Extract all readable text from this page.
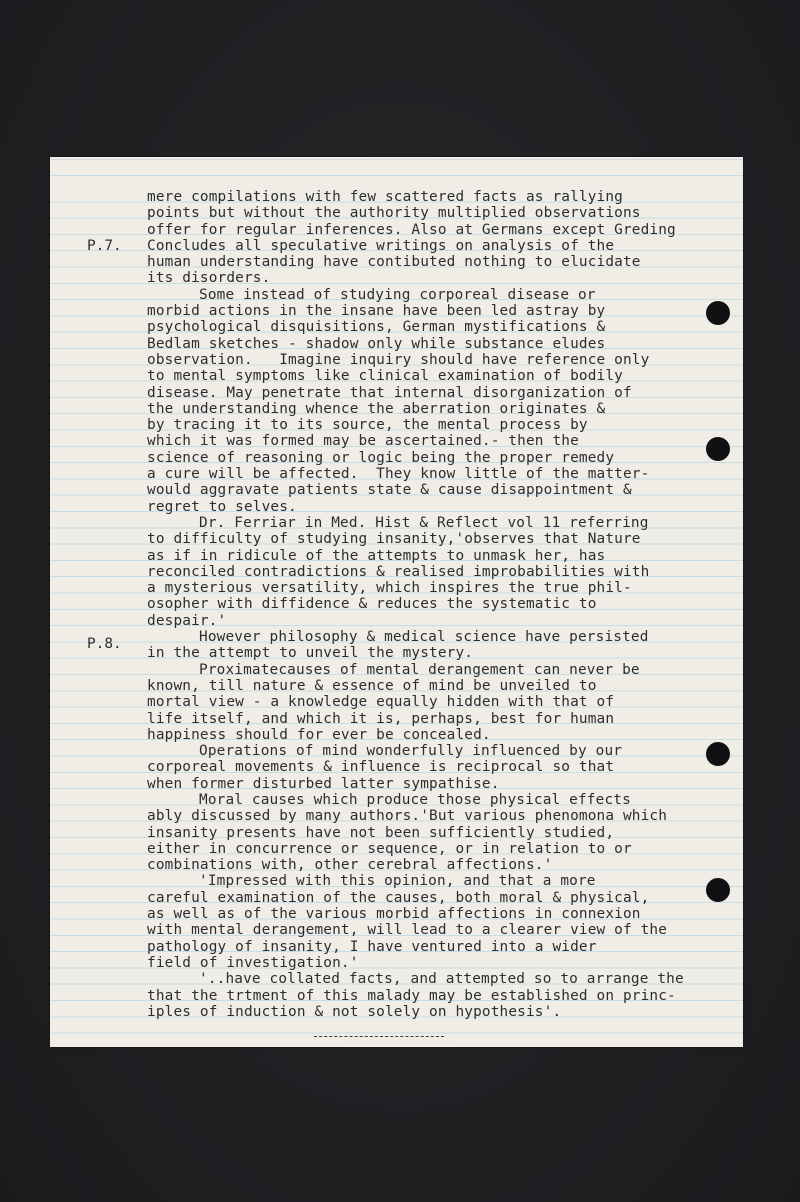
P.7.
P.8.
mere compilations with few scattered facts as rallying
points but without the authority multiplied observations
offer for regular inferences. Also at Germans except Greding
Concludes all speculative writings on analysis of the
human understanding have contibuted nothing to elucidate
its disorders.
Some instead of studying corporeal disease or
morbid actions in the insane have been led astray by
psychological disquisitions, German mystifications &
Bedlam sketches - shadow only while substance eludes
observation.   Imagine inquiry should have reference only
to mental symptoms like clinical examination of bodily
disease. May penetrate that internal disorganization of
the understanding whence the aberration originates &
by tracing it to its source, the mental process by
which it was formed may be ascertained.- then the
science of reasoning or logic being the proper remedy
a cure will be affected.  They know little of the matter-
would aggravate patients state & cause disappointment &
regret to selves.
Dr. Ferriar in Med. Hist & Reflect vol 11 referring
to difficulty of studying insanity,'observes that Nature
as if in ridicule of the attempts to unmask her, has
reconciled contradictions & realised improbabilities with
a mysterious versatility, which inspires the true phil-
osopher with diffidence & reduces the systematic to
despair.'
However philosophy & medical science have persisted
in the attempt to unveil the mystery.
Proximatecauses of mental derangement can never be
known, till nature & essence of mind be unveiled to
mortal view - a knowledge equally hidden with that of
life itself, and which it is, perhaps, best for human
happiness should for ever be concealed.
Operations of mind wonderfully influenced by our
corporeal movements & influence is reciprocal so that
when former disturbed latter sympathise.
Moral causes which produce those physical effects
ably discussed by many authors.'But various phenomona which
insanity presents have not been sufficiently studied,
either in concurrence or sequence, or in relation to or
combinations with, other cerebral affections.'
'Impressed with this opinion, and that a more
careful examination of the causes, both moral & physical,
as well as of the various morbid affections in connexion
with mental derangement, will lead to a clearer view of the
pathology of insanity, I have ventured into a wider
field of investigation.'
'..have collated facts, and attempted so to arrange the
that the trtment of this malady may be established on princ-
iples of induction & not solely on hypothesis'.
